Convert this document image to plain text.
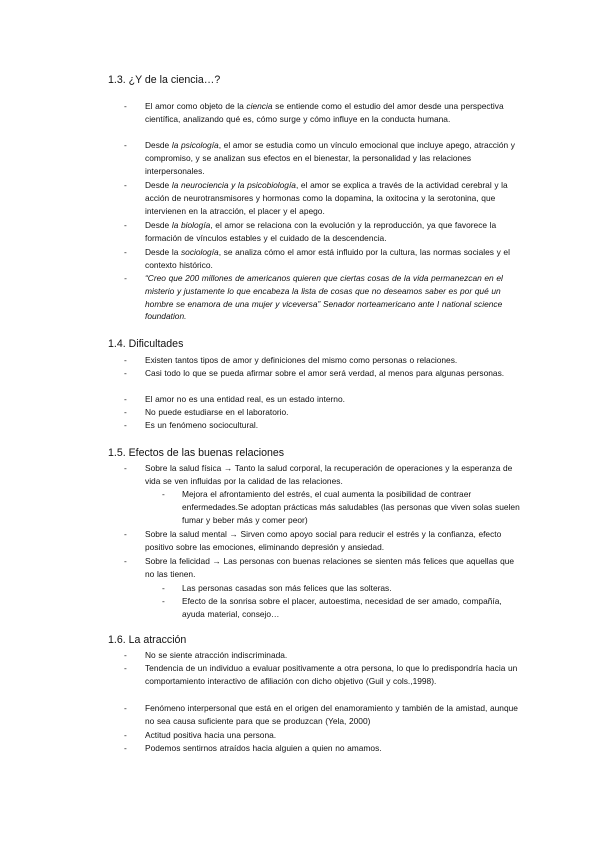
1.3. ¿Y de la ciencia…?
- El amor como objeto de la ciencia se entiende como el estudio del amor desde una perspectiva científica, analizando qué es, cómo surge y cómo influye en la conducta humana.
- Desde la psicología, el amor se estudia como un vínculo emocional que incluye apego, atracción y compromiso, y se analizan sus efectos en el bienestar, la personalidad y las relaciones interpersonales.
- Desde la neurociencia y la psicobiología, el amor se explica a través de la actividad cerebral y la acción de neurotransmisores y hormonas como la dopamina, la oxitocina y la serotonina, que intervienen en la atracción, el placer y el apego.
- Desde la biología, el amor se relaciona con la evolución y la reproducción, ya que favorece la formación de vínculos estables y el cuidado de la descendencia.
- Desde la sociología, se analiza cómo el amor está influido por la cultura, las normas sociales y el contexto histórico.
- “Creo que 200 millones de americanos quieren que ciertas cosas de la vida permanezcan en el misterio y justamente lo que encabeza la lista de cosas que no deseamos saber es por qué un hombre se enamora de una mujer y viceversa” Senador norteamericano ante I national science foundation.
1.4. Dificultades
- Existen tantos tipos de amor y definiciones del mismo como personas o relaciones.
- Casi todo lo que se pueda afirmar sobre el amor será verdad, al menos para algunas personas.
- El amor no es una entidad real, es un estado interno.
- No puede estudiarse en el laboratorio.
- Es un fenómeno sociocultural.
1.5. Efectos de las buenas relaciones
- Sobre la salud física → Tanto la salud corporal, la recuperación de operaciones y la esperanza de vida se ven influidas por la calidad de las relaciones.
- Mejora el afrontamiento del estrés, el cual aumenta la posibilidad de contraer enfermedades.Se adoptan prácticas más saludables (las personas que viven solas suelen fumar y beber más y comer peor)
- Sobre la salud mental → Sirven como apoyo social para reducir el estrés y la confianza, efecto positivo sobre las emociones, eliminando depresión y ansiedad.
- Sobre la felicidad → Las personas con buenas relaciones se sienten más felices que aquellas que no las tienen.
- Las personas casadas son más felices que las solteras.
- Efecto de la sonrisa sobre el placer, autoestima, necesidad de ser amado, compañía, ayuda material, consejo…
1.6. La atracción
- No se siente atracción indiscriminada.
- Tendencia de un individuo a evaluar positivamente a otra persona, lo que lo predispondría hacia un comportamiento interactivo de afiliación con dicho objetivo (Guil y cols.,1998).
- Fenómeno interpersonal que está en el origen del enamoramiento y también de la amistad, aunque no sea causa suficiente para que se produzcan (Yela, 2000)
- Actitud positiva hacia una persona.
- Podemos sentirnos atraídos hacia alguien a quien no amamos.
